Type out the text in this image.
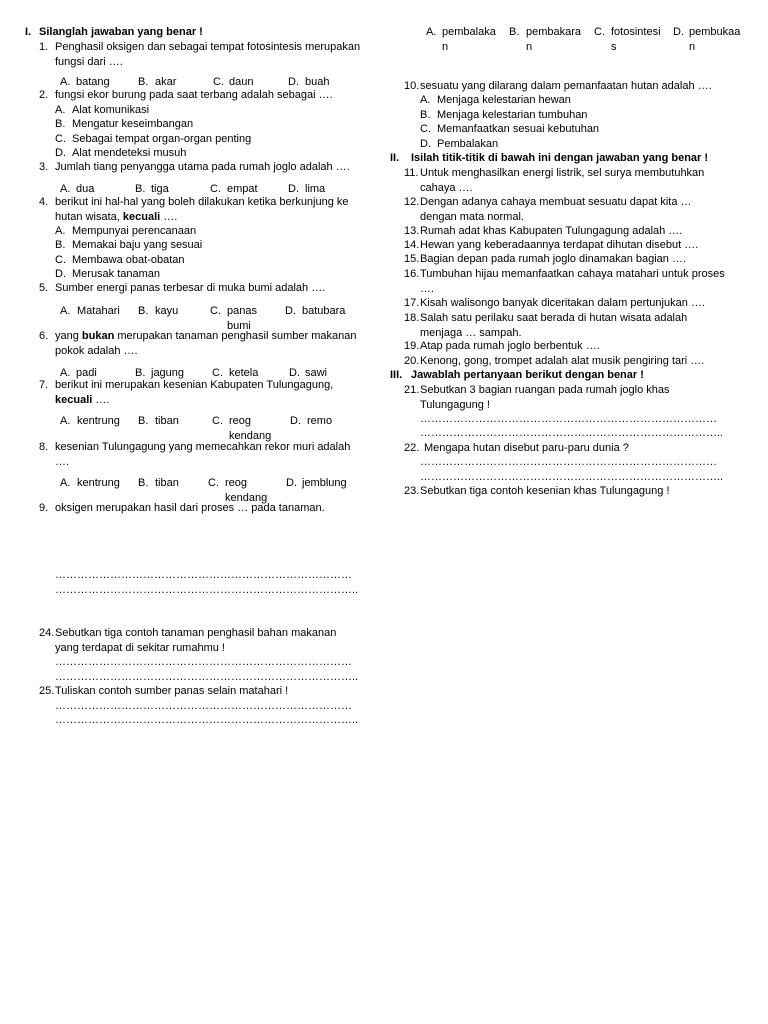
I. Silanglah jawaban yang benar !
1. Penghasil oksigen dan sebagai tempat fotosintesis merupakan fungsi dari ….
A. batang	B. akar	C. daun	D. buah
2. fungsi ekor burung pada saat terbang adalah sebagai ….
A. Alat komunikasi
B. Mengatur keseimbangan
C. Sebagai tempat organ-organ penting
D. Alat mendeteksi musuh
3. Jumlah tiang penyangga utama pada rumah joglo adalah ….
A. dua	B. tiga	C. empat	D. lima
4. berikut ini hal-hal yang boleh dilakukan ketika berkunjung ke hutan wisata, kecuali ….
A. Mempunyai perencanaan
B. Memakai baju yang sesuai
C. Membawa obat-obatan
D. Merusak tanaman
5. Sumber energi panas terbesar di muka bumi adalah ….
A. Matahari B. kayu	C. panas bumi
D. batubara
6. yang bukan merupakan tanaman penghasil sumber makanan pokok adalah ….
A. padi	B. jagung	C. ketela	D. sawi
7. berikut ini merupakan kesenian Kabupaten Tulungagung, kecuali ….
A. kentrung B. tiban	C. reog kendang
D. remo
8. kesenian Tulungagung yang memecahkan rekor muri adalah ….
A. kentrung B. tiban	C. reog kendang
D. jemblung
9. oksigen merupakan hasil dari proses … pada tanaman.
………………………………………………………………………
………………………………………………………………………..
24. Sebutkan tiga contoh tanaman penghasil bahan makanan yang terdapat di sekitar rumahmu !
………………………………………………………………………
………………………………………………………………………..
25. Tuliskan contoh sumber panas selain matahari !
………………………………………………………………………
………………………………………………………………………..
A. pembalakan
B. pembakaran
C. fotosintesis
D. pembukaan
10. sesuatu yang dilarang dalam pemanfaatan hutan adalah ….
A. Menjaga kelestarian hewan
B. Menjaga kelestarian tumbuhan
C. Memanfaatkan sesuai kebutuhan
D. Pembalakan
II. Isilah titik-titik di bawah ini dengan jawaban yang benar !
11. Untuk menghasilkan energi listrik, sel surya membutuhkan cahaya ….
12. Dengan adanya cahaya membuat sesuatu dapat kita … dengan mata normal.
13. Rumah adat khas Kabupaten Tulungagung adalah ….
14. Hewan yang keberadaannya terdapat dihutan disebut ….
15. Bagian depan pada rumah joglo dinamakan bagian ….
16. Tumbuhan hijau memanfaatkan cahaya matahari untuk proses ….
17. Kisah walisongo banyak diceritakan dalam pertunjukan ….
18. Salah satu perilaku saat berada di hutan wisata adalah menjaga … sampah.
19. Atap pada rumah joglo berbentuk ….
20. Kenong, gong, trompet adalah alat musik pengiring tari ….
III. Jawablah pertanyaan berikut dengan benar !
21. Sebutkan 3 bagian ruangan pada rumah joglo khas Tulungagung !
………………………………………………………………………
………………………………………………………………………..
22. Mengapa hutan disebut paru-paru dunia ?
………………………………………………………………………
………………………………………………………………………..
23. Sebutkan tiga contoh kesenian khas Tulungagung !
